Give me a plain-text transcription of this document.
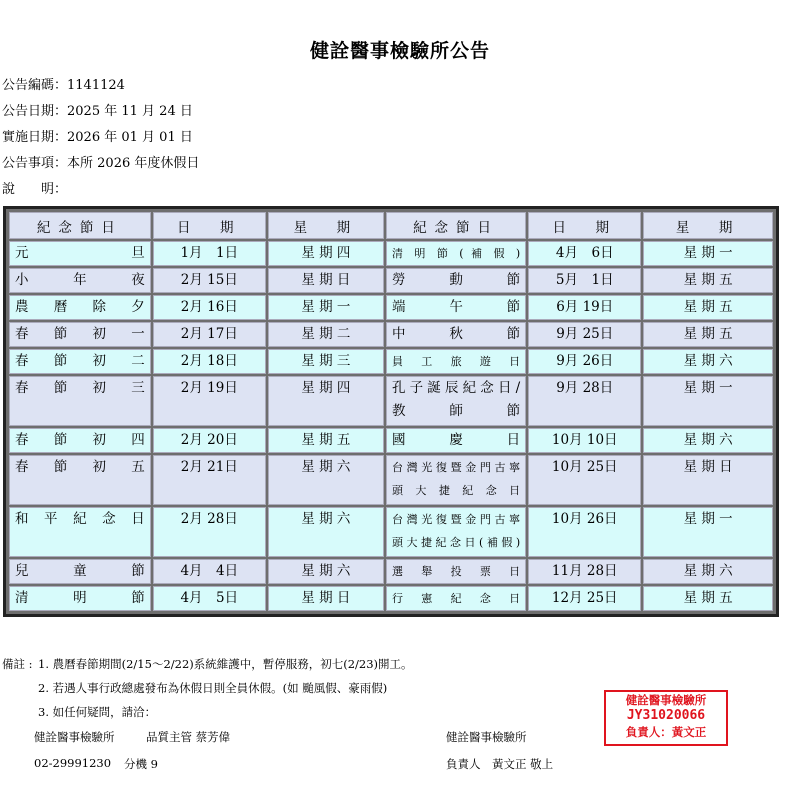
健詮醫事檢驗所公告
公告編碼：1141124
公告日期：2025 年 11 月 24 日
實施日期：2026 年 01 月 01 日
公告事項：本所 2026 年度休假日
說　　明：
紀念節日	日　期	星　期	紀念節日	日　期	星　期
元　旦	1月　1日	星 期 四	清 明 節 ( 補 假 )	4月　6日	星 期 一
小年夜	2月 15日	星 期 日	勞　　動　　節	5月　1日	星 期 五
農曆除夕	2月 16日	星 期 一	端　　午　　節	6月 19日	星 期 五
春節初一	2月 17日	星 期 二	中　　秋　　節	9月 25日	星 期 五
春節初二	2月 18日	星 期 三	員 工 旅 遊 日	9月 26日	星 期 六
春節初三	2月 19日	星 期 四	孔子誕辰紀念日/
教　師　節	9月 28日	星 期 一
春節初四	2月 20日	星 期 五	國　　慶　　日	10月 10日	星 期 六
春節初五	2月 21日	星 期 六	台灣光復暨金門古寧
頭 大 捷 紀 念 日	10月 25日	星 期 日
和平紀念日	2月 28日	星 期 六	台灣光復暨金門古寧
頭大捷紀念日(補假)	10月 26日	星 期 一
兒　童　節	4月　4日	星 期 六	選 舉 投 票 日	11月 28日	星 期 六
清　明　節	4月　5日	星 期 日	行 憲 紀 念 日	12月 25日	星 期 五
備註 : 1. 農曆春節期間(2/15～2/22)系統維護中，暫停服務，初七(2/23)開工。
2. 若遇人事行政總處發布為休假日則全員休假。(如 颱風假、豪雨假)
3. 如任何疑問，請洽：
健詮醫事檢驗所	品質主管 蔡芳偉
02-29991230 分機 9
健詮醫事檢驗所
負責人　黃文正 敬上
健詮醫事檢驗所
JY31020066
負責人：黃文正
